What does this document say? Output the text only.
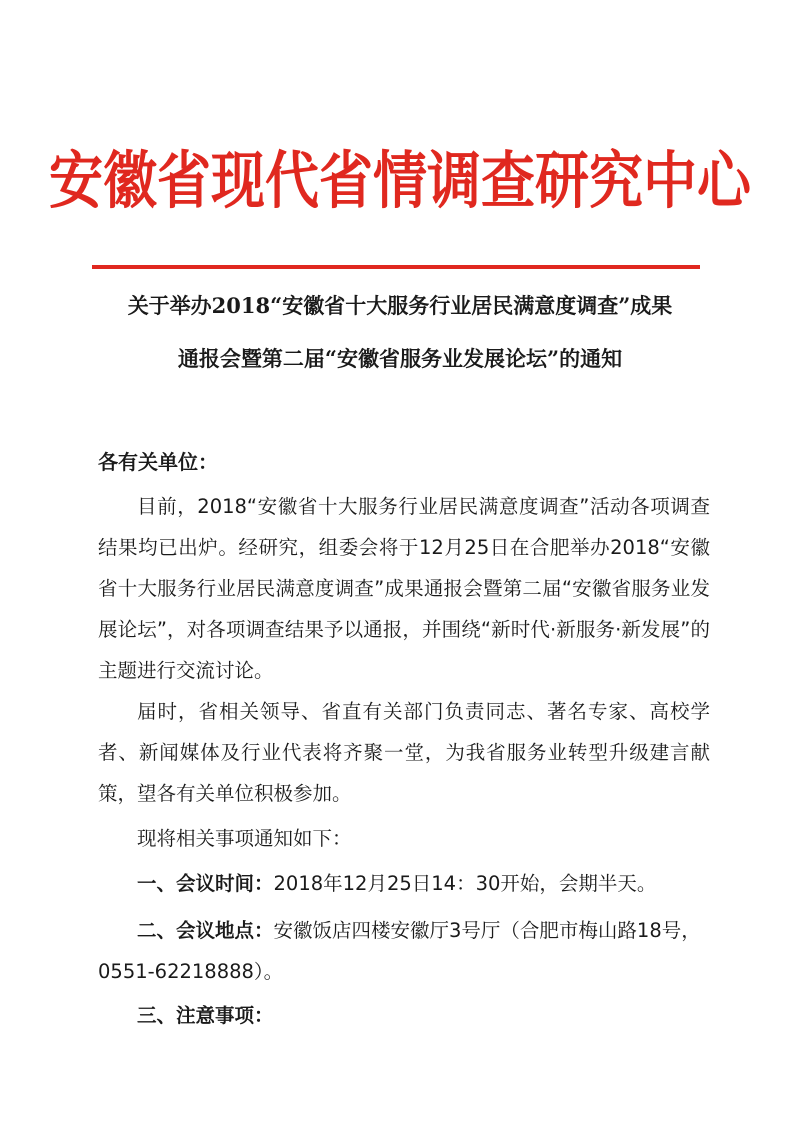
安徽省现代省情调查研究中心
关于举办2018“安徽省十大服务行业居民满意度调查”成果
通报会暨第二届“安徽省服务业发展论坛”的通知
各有关单位：

目前，2018“安徽省十大服务行业居民满意度调查”活动各项调查结果均已出炉。经研究，组委会将于12月25日在合肥举办2018“安徽省十大服务行业居民满意度调查”成果通报会暨第二届“安徽省服务业发展论坛”，对各项调查结果予以通报，并围绕“新时代·新服务·新发展”的主题进行交流讨论。

届时，省相关领导、省直有关部门负责同志、著名专家、高校学者、新闻媒体及行业代表将齐聚一堂，为我省服务业转型升级建言献策，望各有关单位积极参加。

现将相关事项通知如下：

一、会议时间：2018年12月25日14：30开始，会期半天。
二、会议地点：安徽饭店四楼安徽厅3号厅（合肥市梅山路18号，0551-62218888）。
三、注意事项：
